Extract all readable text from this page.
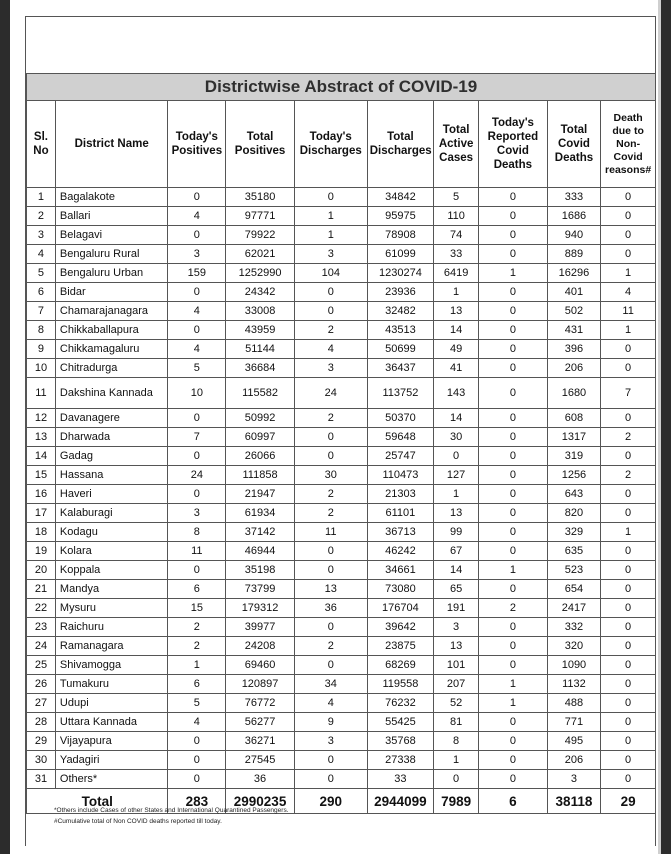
Districtwise Abstract of COVID-19									
Sl. No	District Name	Today's Positives	Total Positives	Today's Discharges	Total Discharges	Total Active Cases	Today's Reported Covid Deaths	Total Covid Deaths	Death due to Non-Covid reasons#
1	Bagalakote	0	35180	0	34842	5	0	333	0
2	Ballari	4	97771	1	95975	110	0	1686	0
3	Belagavi	0	79922	1	78908	74	0	940	0
4	Bengaluru Rural	3	62021	3	61099	33	0	889	0
5	Bengaluru Urban	159	1252990	104	1230274	6419	1	16296	1
6	Bidar	0	24342	0	23936	1	0	401	4
7	Chamarajanagara	4	33008	0	32482	13	0	502	11
8	Chikkaballapura	0	43959	2	43513	14	0	431	1
9	Chikkamagaluru	4	51144	4	50699	49	0	396	0
10	Chitradurga	5	36684	3	36437	41	0	206	0
11	Dakshina Kannada	10	115582	24	113752	143	0	1680	7
12	Davanagere	0	50992	2	50370	14	0	608	0
13	Dharwada	7	60997	0	59648	30	0	1317	2
14	Gadag	0	26066	0	25747	0	0	319	0
15	Hassana	24	111858	30	110473	127	0	1256	2
16	Haveri	0	21947	2	21303	1	0	643	0
17	Kalaburagi	3	61934	2	61101	13	0	820	0
18	Kodagu	8	37142	11	36713	99	0	329	1
19	Kolara	11	46944	0	46242	67	0	635	0
20	Koppala	0	35198	0	34661	14	1	523	0
21	Mandya	6	73799	13	73080	65	0	654	0
22	Mysuru	15	179312	36	176704	191	2	2417	0
23	Raichuru	2	39977	0	39642	3	0	332	0
24	Ramanagara	2	24208	2	23875	13	0	320	0
25	Shivamogga	1	69460	0	68269	101	0	1090	0
26	Tumakuru	6	120897	34	119558	207	1	1132	0
27	Udupi	5	76772	4	76232	52	1	488	0
28	Uttara Kannada	4	56277	9	55425	81	0	771	0
29	Vijayapura	0	36271	3	35768	8	0	495	0
30	Yadagiri	0	27545	0	27338	1	0	206	0
31	Others*	0	36	0	33	0	0	3	0
Total		283	2990235	290	2944099	7989	6	38118	29
*Others include Cases of other States and International Quarantined Passengers.
#Cumulative total of Non COVID deaths reported till today.
